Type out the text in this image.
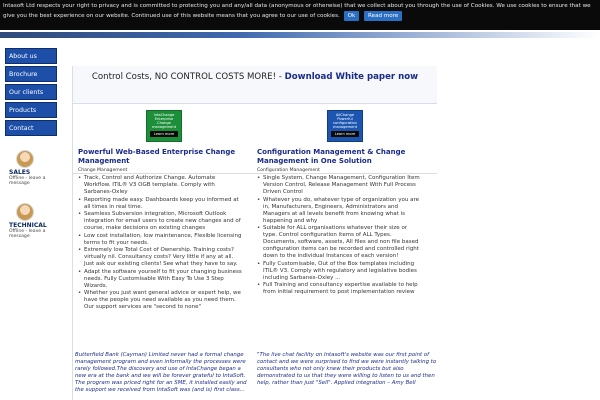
Intasoft Ltd respects your right to privacy and is committed to protecting you and any/all data (anonymous or otherwise) that we collect about you through the use of Cookies. We use cookies to ensure that we give you the best experience on our website. Continued use of this website means that you agree to our use of cookies. Ok Read more
About us
Brochure
Our clients
Products
Contact
SALES
Offline - leave a message
TECHNICAL
Offline - leave a message
Control Costs, NO CONTROL COSTS MORE! - Download White paper now
IntaChange Enterprise
Change management
Learn more
AllChange
Powerful configuration management
Learn more
Powerful Web-Based Enterprise Change Management
Change Management
• Track, Control and Authorize Change. Automate Workflow. ITIL® V3 OGB template. Comply with Sarbanes-Oxley
• Reporting made easy. Dashboards keep you informed at all times in real time.
• Seamless Subversion integration, Microsoft Outlook integration for email users to create new changes and of course, make decisions on existing changes
• Low cost installation, low maintenance, Flexible licensing terms to fit your needs.
• Extremely low Total Cost of Ownership. Training costs? virtually nil. Consultancy costs? Very little if any at all. Just ask our existing clients! See what they have to say.
• Adapt the software yourself to fit your changing business needs. Fully Customisable With Easy To Use 3 Step Wizards.
• Whether you just want general advice or expert help, we have the people you need available as you need them. Our support services are "second to none"
Configuration Management & Change Management in One Solution
Configuration Management
• Single System, Change Management, Configuration Item Version Control, Release Management With Full Process Driven Control
• Whatever you do, whatever type of organization you are in, Manufacturers, Engineers, Administrators and Managers at all levels benefit from knowing what is happening and why
• Suitable for ALL organisations whatever their size or type. Control configuration items of ALL Types. Documents, software, assets, All files and non file based configuration items can be recorded and controlled right down to the individual Instances of each version!
• Fully Customisable, Out of the Box templates including ITIL® V3. Comply with regulatory and legislative bodies including Sarbanes-Oxley ...
• Full Training and consultancy expertise available to help from initial requirement to post implementation review
Butterfield Bank (Cayman) Limited never had a formal change management program and even informally the processes were rarely followed.The discovery and use of IntaChange began a new era at the bank and we will be forever grateful to IntaSoft. The program was priced right for an SME, it installed easily and the support we received from IntaSoft was (and is) first class...
"The live chat facility on Intasoft's website was our first point of contact and we were surprised to find we were instantly talking to consultants who not only knew their products but also demonstrated to us that they were willing to listen to us and then help, rather than just "Sell". Applied integration – Amy Bell
